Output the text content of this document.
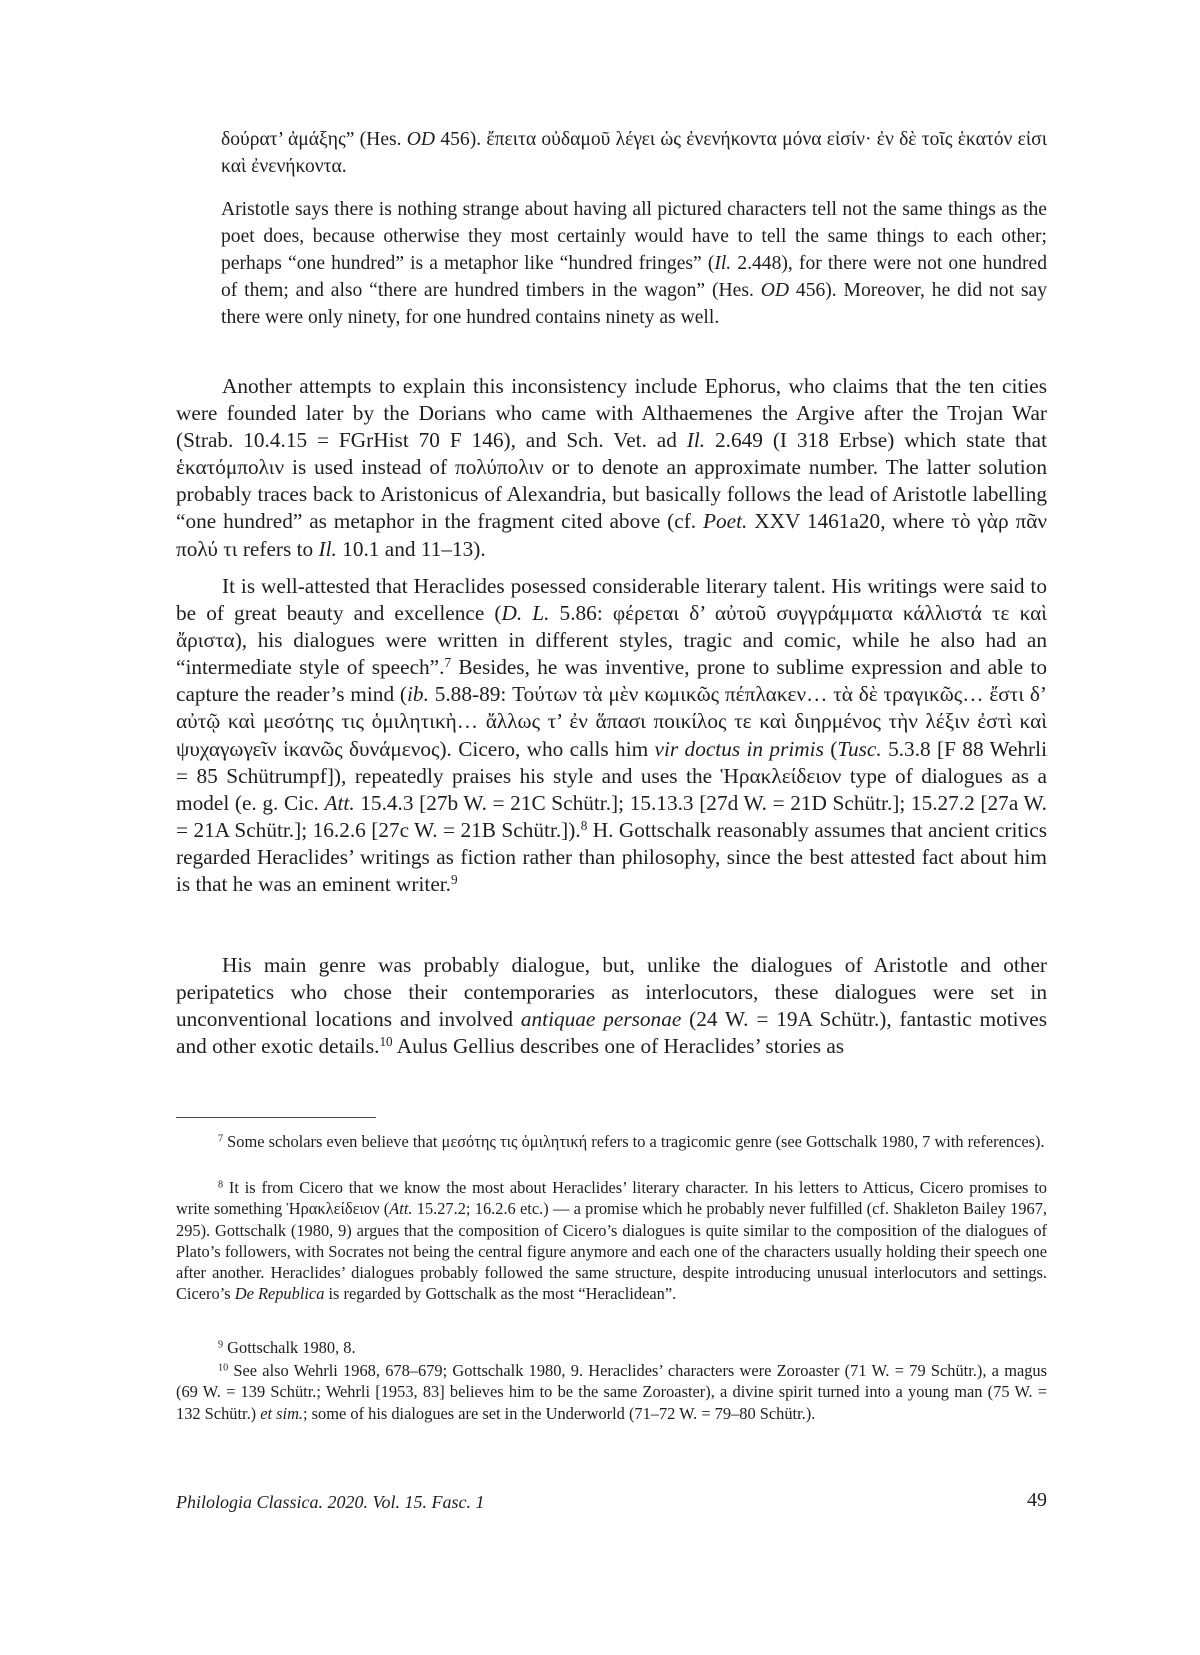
δούρατ’ ἀμάξης” (Hes. OD 456). ἔπειτα οὐδαμοῦ λέγει ὡς ἐνενήκοντα μόνα εἰσίν· ἐν δὲ τοῖς ἑκατόν εἰσι καὶ ἐνενήκοντα.

Aristotle says there is nothing strange about having all pictured characters tell not the same things as the poet does, because otherwise they most certainly would have to tell the same things to each other; perhaps “one hundred” is a metaphor like “hundred fringes” (Il. 2.448), for there were not one hundred of them; and also “there are hundred timbers in the wagon” (Hes. OD 456). Moreover, he did not say there were only ninety, for one hundred contains ninety as well.

Another attempts to explain this inconsistency include Ephorus, who claims that the ten cities were founded later by the Dorians who came with Althaemenes the Argive after the Trojan War (Strab. 10.4.15 = FGrHist 70 F 146), and Sch. Vet. ad Il. 2.649 (I 318 Erbse) which state that ἑκατόμπολιν is used instead of πολύπολιν or to denote an approximate number. The latter solution probably traces back to Aristonicus of Alexandria, but basically follows the lead of Aristotle labelling “one hundred” as metaphor in the fragment cited above (cf. Poet. XXV 1461a20, where τὸ γὰρ πᾶν πολύ τι refers to Il. 10.1 and 11–13).

It is well-attested that Heraclides posessed considerable literary talent. His writings were said to be of great beauty and excellence (D. L. 5.86: φέρεται δ’ αὐτοῦ συγγράμματα κάλλιστά τε καὶ ἄριστα), his dialogues were written in different styles, tragic and comic, while he also had an “intermediate style of speech”.$^7$ Besides, he was inventive, prone to sublime expression and able to capture the reader’s mind (ib. 5.88-89: Τούτων τὰ μὲν κωμικῶς πέπλακεν… τὰ δὲ τραγικῶς… ἔστι δ’ αὐτῷ καὶ μεσότης τις ὁμιλητικὴ… ἄλλως τ’ ἐν ἅπασι ποικίλος τε καὶ διηρμένος τὴν λέξιν ἐστὶ καὶ ψυχαγωγεῖν ἱκανῶς δυνάμενος). Cicero, who calls him vir doctus in primis (Tusc. 5.3.8 [F 88 Wehrli = 85 Schütrumpf]), repeatedly praises his style and uses the Ἡρακλείδειον type of dialogues as a model (e. g. Cic. Att. 15.4.3 [27b W. = 21C Schütr.]; 15.13.3 [27d W. = 21D Schütr.]; 15.27.2 [27a W. = 21A Schütr.]; 16.2.6 [27c W. = 21B Schütr.]).$^8$ H. Gottschalk reasonably assumes that ancient critics regarded Heraclides’ writings as fiction rather than philosophy, since the best attested fact about him is that he was an eminent writer.$^9$

His main genre was probably dialogue, but, unlike the dialogues of Aristotle and other peripatetics who chose their contemporaries as interlocutors, these dialogues were set in unconventional locations and involved antiquae personae (24 W. = 19A Schütr.), fantastic motives and other exotic details.$^{10}$ Aulus Gellius describes one of Heraclides’ stories as

$^7$ Some scholars even believe that μεσότης τις ὁμιλητική refers to a tragicomic genre (see Gottschalk 1980, 7 with references).

$^8$ It is from Cicero that we know the most about Heraclides’ literary character. In his letters to Atticus, Cicero promises to write something Ἡρακλείδειον (Att. 15.27.2; 16.2.6 etc.) — a promise which he probably never fulfilled (cf. Shakleton Bailey 1967, 295). Gottschalk (1980, 9) argues that the composition of Cicero’s dialogues is quite similar to the composition of the dialogues of Plato’s followers, with Socrates not being the central figure anymore and each one of the characters usually holding their speech one after another. Heraclides’ dialogues probably followed the same structure, despite introducing unusual interlocutors and settings. Cicero’s De Republica is regarded by Gottschalk as the most “Heraclidean”.

$^9$ Gottschalk 1980, 8.

$^{10}$ See also Wehrli 1968, 678–679; Gottschalk 1980, 9. Heraclides’ characters were Zoroaster (71 W. = 79 Schütr.), a magus (69 W. = 139 Schütr.; Wehrli [1953, 83] believes him to be the same Zoroaster), a divine spirit turned into a young man (75 W. = 132 Schütr.) et sim.; some of his dialogues are set in the Underworld (71–72 W. = 79–80 Schütr.).

Philologia Classica. 2020. Vol. 15. Fasc. 1	49
